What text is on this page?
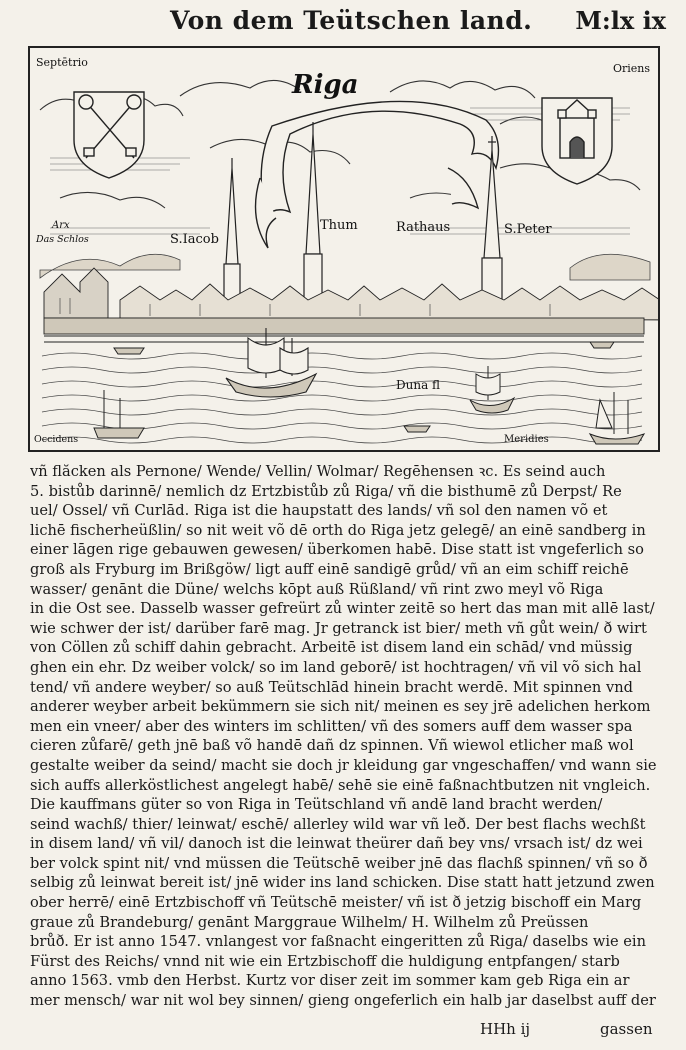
Von dem Teütschen land. M:lx ix
Septētrio	Oriens
Riga
Arx
Das Schlos	S.Iacob
Thum	Rathaus	S.Peter
Duna fl
Occidens	Meridies
vñ flăcken als Pernone/ Wende/ Vellin/ Wolmar/ Regēhensen ꝛc. Es seind auch
5. bistůb darinnē/ nemlich dz Ertzbistůb zů Riga/ vñ die bisthumē zů Derpst/ Re
uel/ Ossel/ vñ Curlād. Riga ist die haupstatt des lands/ vñ sol den namen võ et
lichē fischerheüßlin/ so nit weit võ dē orth do Riga jetz gelegē/ an einē sandberg in
einer lāgen rige gebauwen gewesen/ überkomen habē. Dise statt ist vngeferlich so
groß als Fryburg im Brißgöw/ ligt auff einē sandigē grůd/ vñ an eim schiff reichē
wasser/ genānt die Düne/ welchs kōpt auß Rüßland/ vñ rint zwo meyl võ Riga
in die Ost see. Dasselb wasser gefreürt zů winter zeitē so hert das man mit allē last/
wie schwer der ist/ darüber farē mag. Jr getranck ist bier/ meth vñ gůt wein/ ð wirt
von Cöllen zů schiff dahin gebracht. Arbeitē ist disem land ein schād/ vnd müssig
ghen ein ehr. Dz weiber volck/ so im land geborē/ ist hochtragen/ vñ vil võ sich hal
tend/ vñ andere weyber/ so auß Teütschlād hinein bracht werdē. Mit spinnen vnd
anderer weyber arbeit bekümmern sie sich nit/ meinen es sey jrē adelichen herkom
men ein vneer/ aber des winters im schlitten/ vñ des somers auff dem wasser spa
cieren zůfarē/ geth jnē baß võ handē dañ dz spinnen. Vñ wiewol etlicher maß wol
gestalte weiber da seind/ macht sie doch jr kleidung gar vngeschaffen/ vnd wann sie
sich auffs allerköstlichest angelegt habē/ sehē sie einē faßnachtbutzen nit vngleich.
Die kauffmans güter so von Riga in Teütschland vñ andē land bracht werden/
seind wachß/ thier/ leinwat/ eschē/ allerley wild war vñ leð. Der best flachs wechßt
in disem land/ vñ vil/ danoch ist die leinwat theürer dañ bey vns/ vrsach ist/ dz wei
ber volck spint nit/ vnd müssen die Teütschē weiber jnē das flachß spinnen/ vñ so ð
selbig zů leinwat bereit ist/ jnē wider ins land schicken. Dise statt hatt jetzund zwen
ober herrē/ einē Ertzbischoff vñ Teütschē meister/ vñ ist ð jetzig bischoff ein Marg
graue zů Brandeburg/ genānt Marggraue Wilhelm/ H. Wilhelm zů Preüssen
brůð. Er ist anno 1547. vnlangest vor faßnacht eingeritten zů Riga/ daselbs wie ein
Fürst des Reichs/ vnnd nit wie ein Ertzbischoff die huldigung entpfangen/ starb
anno 1563. vmb den Herbst. Kurtz vor diser zeit im sommer kam geb Riga ein ar
mer mensch/ war nit wol bey sinnen/ gieng ongeferlich ein halb jar daselbst auff der
HHh ij	gassen
